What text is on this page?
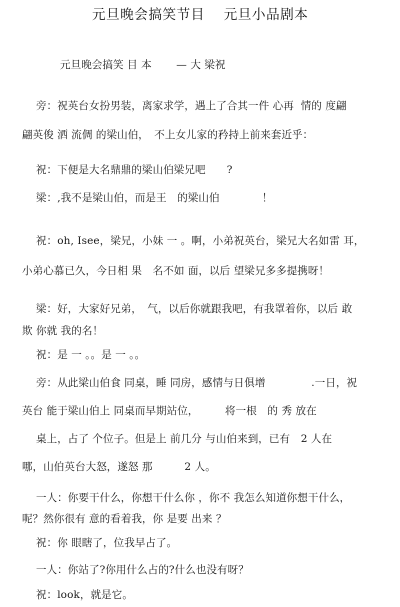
元旦晚会搞笑节目　 元旦小品剧本
元旦晚会搞笑 目 本　　 — 大 梁祝
旁：祝英台女扮男装，离家求学，遇上了合其一件 心再  情的 度翩
翩英俊 洒 流倜 的梁山伯，　不上女儿家的矜持上前来套近乎：
祝：下便是大名鼎鼎的梁山伯梁兄吧　　?
梁：,我不是梁山伯，而是王　的梁山伯　　　　！
祝：oh, Isee，梁兄，小妹 一 。啊，小弟祝英台，梁兄大名如雷 耳，
小弟心慕已久，今日相 果　名不如 面，以后 望梁兄多多提携呀！
梁：好，大家好兄弟，　气，以后你就跟我吧，有我罩着你，以后 敢
欺 你就 我的名！
祝：是 一 。。是 一 。。
旁：从此梁山伯食 同桌，睡 同房，感情与日俱增　　　　 .一日，祝
英台 能于梁山伯上 同桌而早期站位，　　　将一根　的 秀 放在
桌上，占了 个位子。但是上 前几分 与山伯来到，已有　2 人在
哪，山伯英台大怒，遂怒 那　　　2 人。
一人：你要干什么，你想干什么你 ，你不 我怎么知道你想干什么，
呢？然你很有 意的看着我，你 是要 出来 ？
祝：你 眼瞎了，位我早占了。
一人：你站了?你用什么占的?什么也没有呀？
祝：look，就是它。
